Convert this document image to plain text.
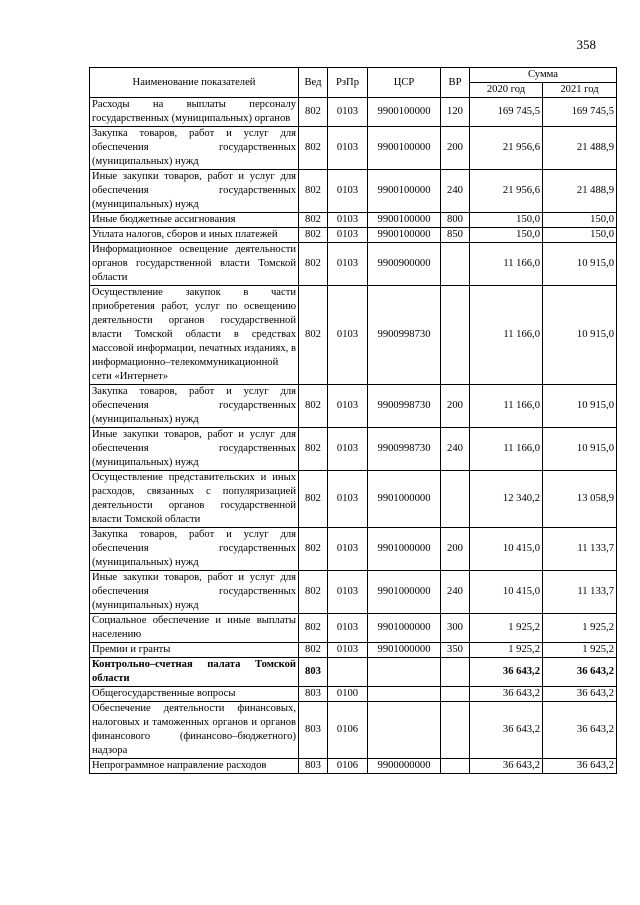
358
Наименование показателей	Вед	РзПр	ЦСР	ВР	Сумма	
					2020 год	2021 год
Расходы на выплаты персоналу государственных (муниципальных) органов	802	0103	9900100000	120	169 745,5	169 745,5
Закупка товаров, работ и услуг для обеспечения государственных (муниципальных) нужд	802	0103	9900100000	200	21 956,6	21 488,9
Иные закупки товаров, работ и услуг для обеспечения государственных (муниципальных) нужд	802	0103	9900100000	240	21 956,6	21 488,9
Иные бюджетные ассигнования	802	0103	9900100000	800	150,0	150,0
Уплата налогов, сборов и иных платежей	802	0103	9900100000	850	150,0	150,0
Информационное освещение деятельности органов государственной власти Томской области	802	0103	9900900000		11 166,0	10 915,0
Осуществление закупок в части приобретения работ, услуг по освещению деятельности органов государственной власти Томской области в средствах массовой информации, печатных изданиях, в информационно–телекоммуникационной сети «Интернет»	802	0103	9900998730		11 166,0	10 915,0
Закупка товаров, работ и услуг для обеспечения государственных (муниципальных) нужд	802	0103	9900998730	200	11 166,0	10 915,0
Иные закупки товаров, работ и услуг для обеспечения государственных (муниципальных) нужд	802	0103	9900998730	240	11 166,0	10 915,0
Осуществление представительских и иных расходов, связанных с популяризацией деятельности органов государственной власти Томской области	802	0103	9901000000		12 340,2	13 058,9
Закупка товаров, работ и услуг для обеспечения государственных (муниципальных) нужд	802	0103	9901000000	200	10 415,0	11 133,7
Иные закупки товаров, работ и услуг для обеспечения государственных (муниципальных) нужд	802	0103	9901000000	240	10 415,0	11 133,7
Социальное обеспечение и иные выплаты населению	802	0103	9901000000	300	1 925,2	1 925,2
Премии и гранты	802	0103	9901000000	350	1 925,2	1 925,2
Контрольно–счетная палата Томской области	803				36 643,2	36 643,2
Общегосударственные вопросы	803	0100			36 643,2	36 643,2
Обеспечение деятельности финансовых, налоговых и таможенных органов и органов финансового (финансово–бюджетного) надзора	803	0106			36 643,2	36 643,2
Непрограммное направление расходов	803	0106	9900000000		36 643,2	36 643,2
